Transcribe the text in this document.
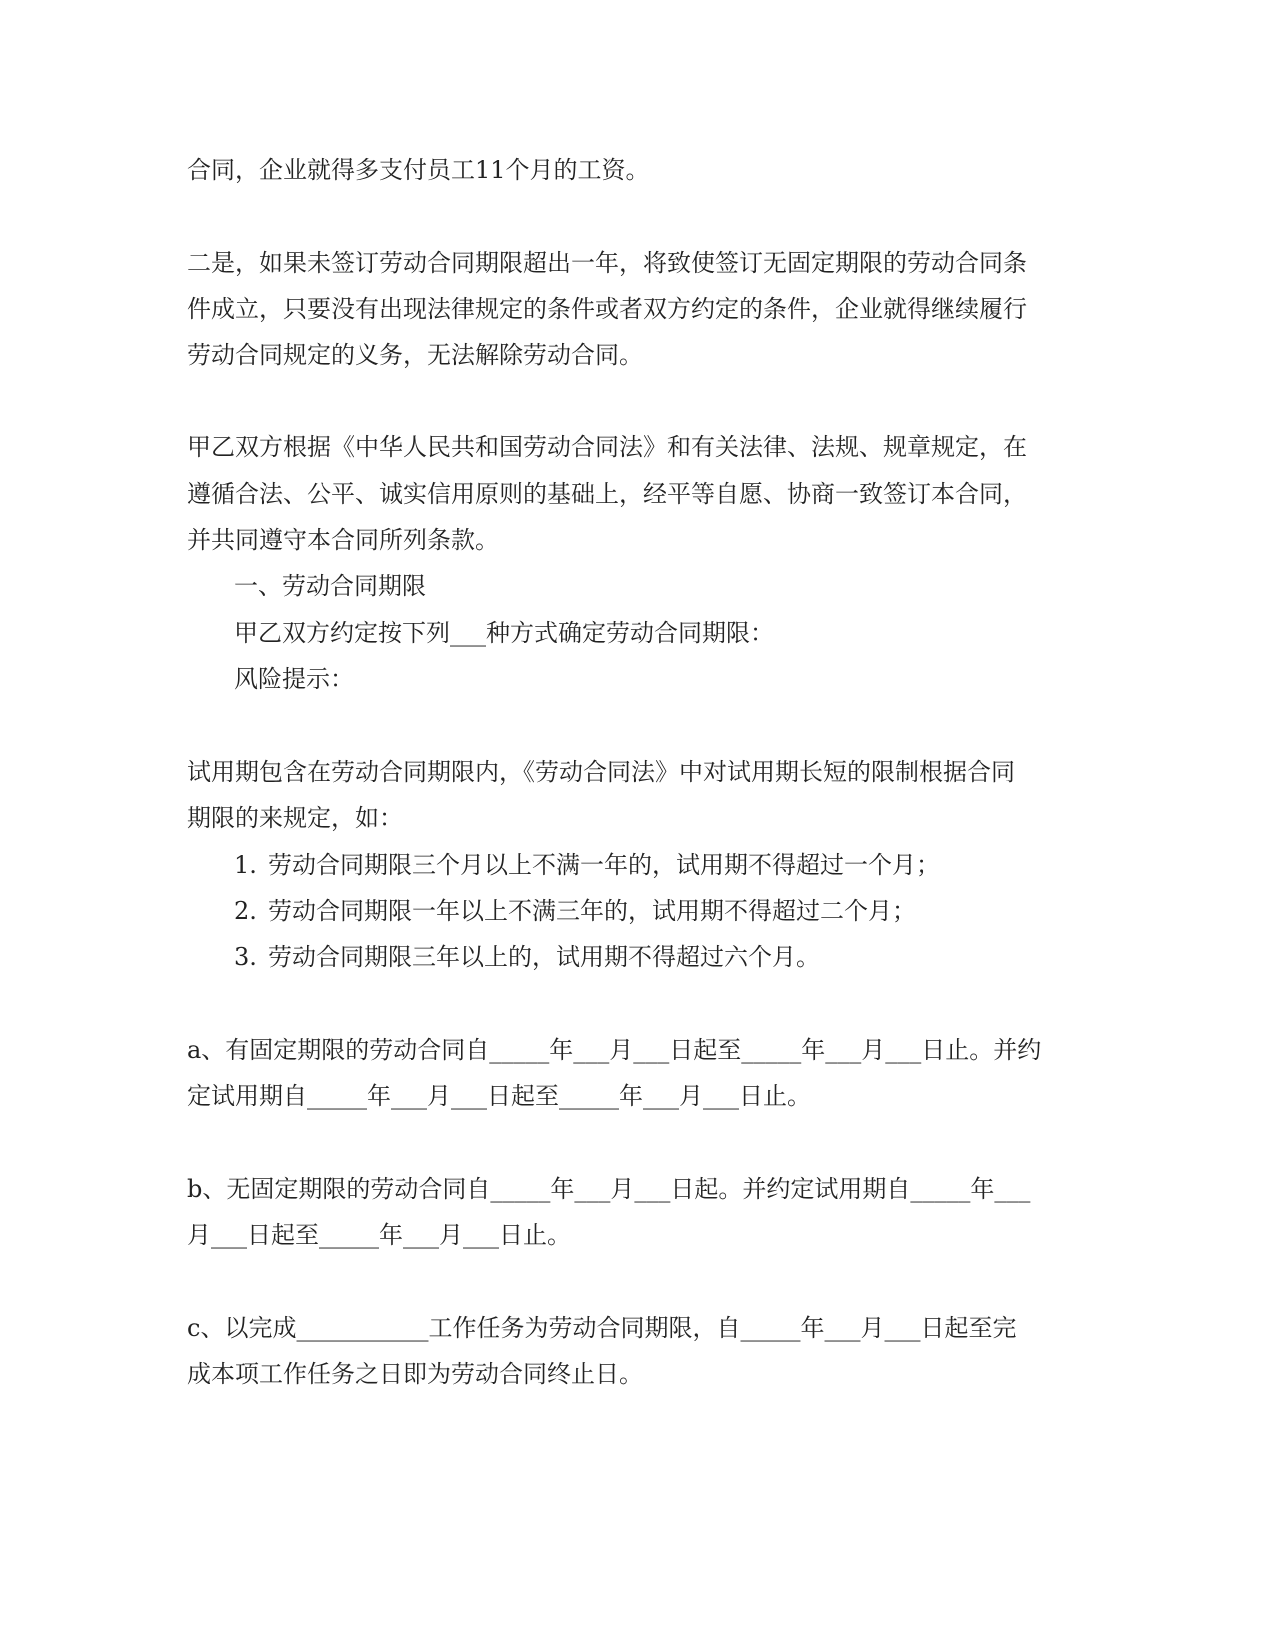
合同，企业就得多支付员工11个月的工资。
二是，如果未签订劳动合同期限超出一年，将致使签订无固定期限的劳动合同条
件成立，只要没有出现法律规定的条件或者双方约定的条件，企业就得继续履行
劳动合同规定的义务，无法解除劳动合同。
甲乙双方根据《中华人民共和国劳动合同法》和有关法律、法规、规章规定，在
遵循合法、公平、诚实信用原则的基础上，经平等自愿、协商一致签订本合同，
并共同遵守本合同所列条款。
一、劳动合同期限
甲乙双方约定按下列___种方式确定劳动合同期限：
风险提示：
试用期包含在劳动合同期限内，《劳动合同法》中对试用期长短的限制根据合同
期限的来规定，如：
1. 劳动合同期限三个月以上不满一年的，试用期不得超过一个月；
2. 劳动合同期限一年以上不满三年的，试用期不得超过二个月；
3. 劳动合同期限三年以上的，试用期不得超过六个月。
a、有固定期限的劳动合同自_____年___月___日起至_____年___月___日止。并约
定试用期自_____年___月___日起至_____年___月___日止。
b、无固定期限的劳动合同自_____年___月___日起。并约定试用期自_____年___
月___日起至_____年___月___日止。
c、以完成___________工作任务为劳动合同期限，自_____年___月___日起至完
成本项工作任务之日即为劳动合同终止日。
